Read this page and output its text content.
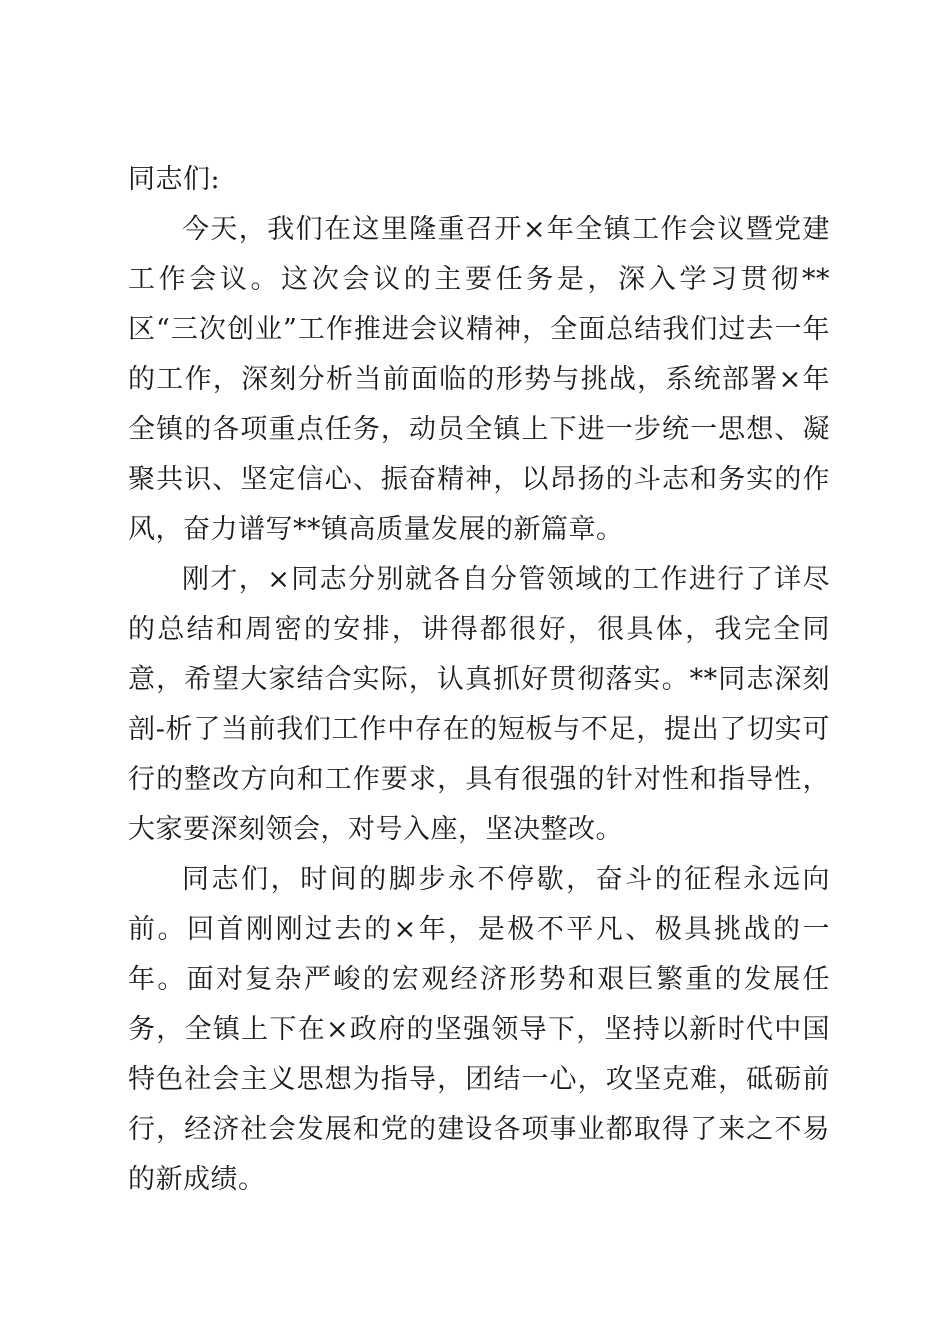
同志们:

今天，我们在这里隆重召开×年全镇工作会议暨党建工作会议。这次会议的主要任务是，深入学习贯彻**区“三次创业”工作推进会议精神，全面总结我们过去一年的工作，深刻分析当前面临的形势与挑战，系统部署×年全镇的各项重点任务，动员全镇上下进一步统一思想、凝聚共识、坚定信心、振奋精神，以昂扬的斗志和务实的作风，奋力谱写**镇高质量发展的新篇章。

刚才，×同志分别就各自分管领域的工作进行了详尽的总结和周密的安排，讲得都很好，很具体，我完全同意，希望大家结合实际，认真抓好贯彻落实。**同志深刻剖-析了当前我们工作中存在的短板与不足，提出了切实可行的整改方向和工作要求，具有很强的针对性和指导性，大家要深刻领会，对号入座，坚决整改。

同志们，时间的脚步永不停歇，奋斗的征程永远向前。回首刚刚过去的×年，是极不平凡、极具挑战的一年。面对复杂严峻的宏观经济形势和艰巨繁重的发展任务，全镇上下在×政府的坚强领导下，坚持以新时代中国特色社会主义思想为指导，团结一心，攻坚克难，砥砺前行，经济社会发展和党的建设各项事业都取得了来之不易的新成绩。
